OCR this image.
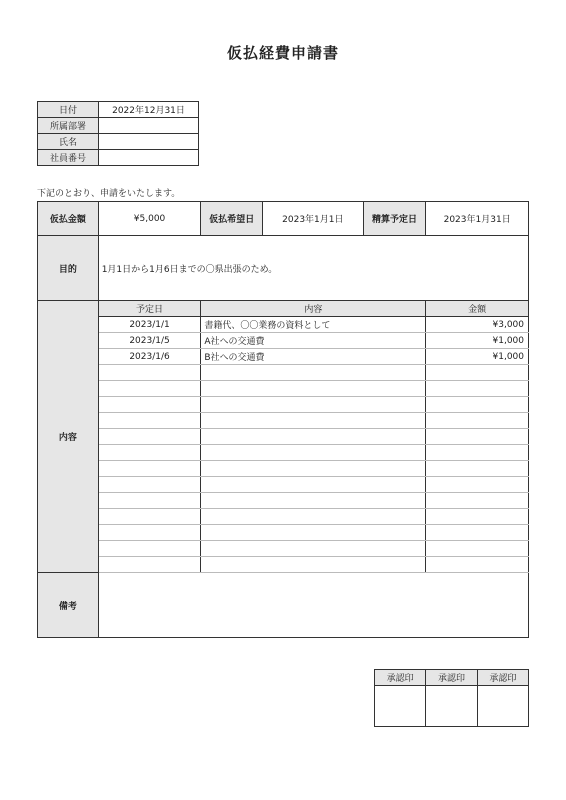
仮払経費申請書
日付	2022年12月31日
所属部署	
氏名	
社員番号	
下記のとおり、申請をいたします。
仮払金額	¥5,000	仮払希望日	2023年1月1日	精算予定日	2023年1月31日
目的	1月1日から1月6日までの〇県出張のため。				
内容	予定日	内容			金額
	2023/1/1	書籍代、〇〇業務の資料として			¥3,000
	2023/1/5	A社への交通費			¥1,000
	2023/1/6	B社への交通費			¥1,000

備考					
承認印	承認印	承認印
